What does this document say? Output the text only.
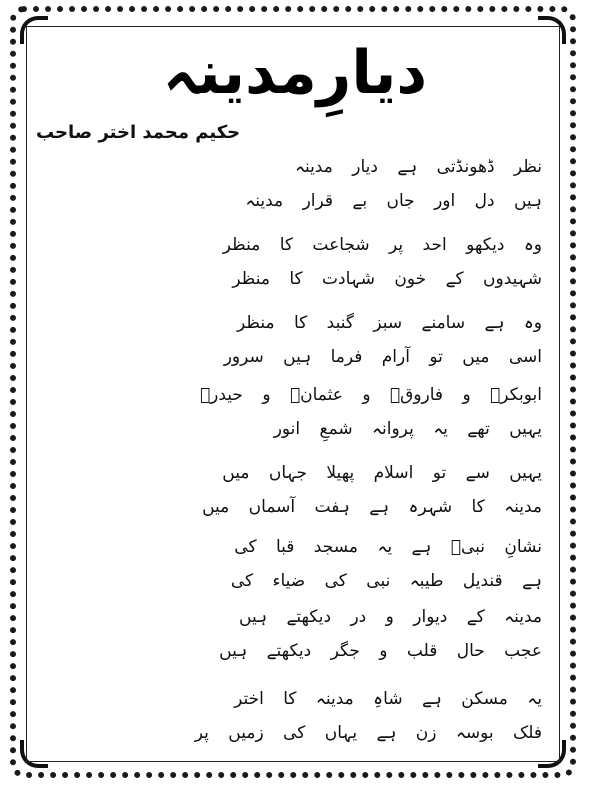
دیارِمدینہ
حکیم محمد اختر صاحب
نظر ڈھونڈتی ہے دیار مدینہ
ہیں دل اور جاں بے قرار مدینہ
وہ دیکھو احد پر شجاعت کا منظر
شہیدوں کے خون شہادت کا منظر
وہ ہے سامنے سبز گنبد کا منظر
اسی میں تو آرام فرما ہیں سرور
ابوبکرؓ و فاروقؓ و عثمانؓ و حیدرؓ
یہیں تھے یہ پروانہ شمعِ انور
یہیں سے تو اسلام پھیلا جہاں میں
مدینہ کا شہرہ ہے ہفت آسماں میں
نشانِ نبیؐ ہے یہ مسجد قبا کی
ہے قندیل طیبہ نبی کی ضیاء کی
مدینہ کے دیوار و در دیکھتے ہیں
عجب حال قلب و جگر دیکھتے ہیں
یہ مسکن ہے شاہِ مدینہ کا اختر
فلک بوسہ زن ہے یہاں کی زمیں پر
